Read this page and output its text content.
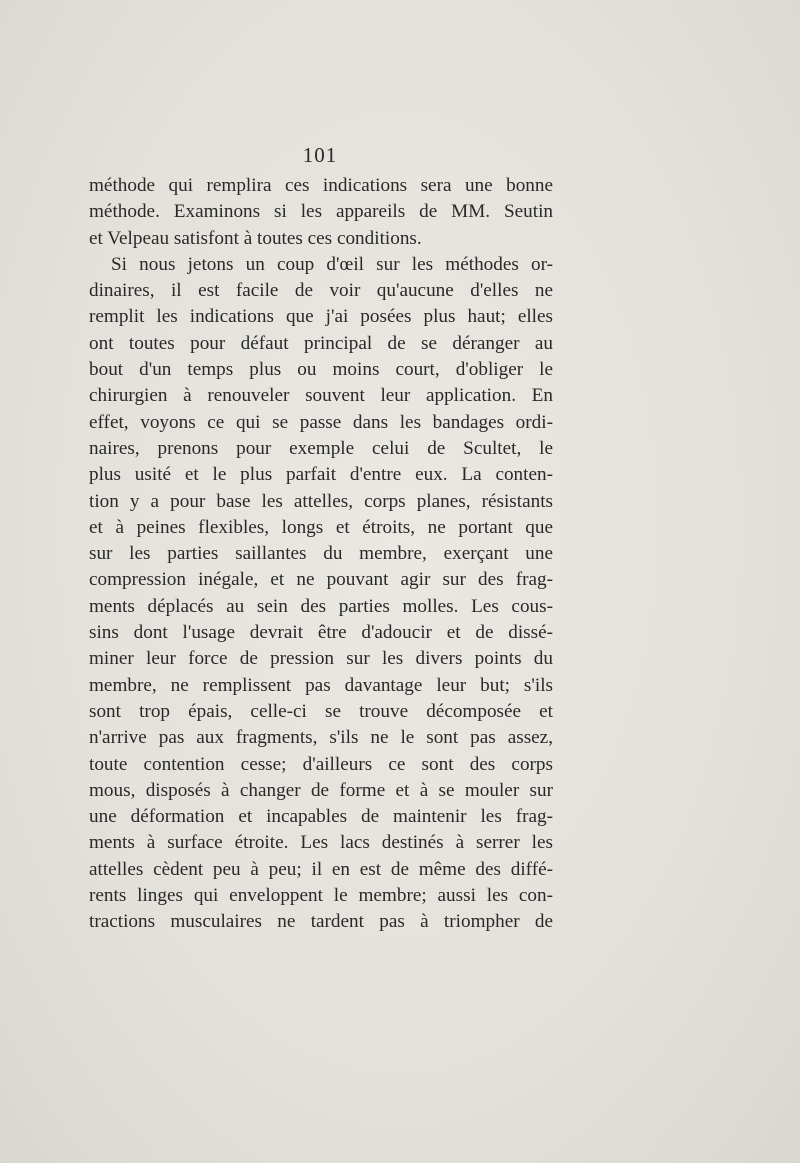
101
méthode qui remplira ces indications sera une bonne
méthode. Examinons si les appareils de MM. Seutin
et Velpeau satisfont à toutes ces conditions.
Si nous jetons un coup d'œil sur les méthodes or-
dinaires, il est facile de voir qu'aucune d'elles ne
remplit les indications que j'ai posées plus haut; elles
ont toutes pour défaut principal de se déranger au
bout d'un temps plus ou moins court, d'obliger le
chirurgien à renouveler souvent leur application. En
effet, voyons ce qui se passe dans les bandages ordi-
naires, prenons pour exemple celui de Scultet, le
plus usité et le plus parfait d'entre eux. La conten-
tion y a pour base les attelles, corps planes, résistants
et à peines flexibles, longs et étroits, ne portant que
sur les parties saillantes du membre, exerçant une
compression inégale, et ne pouvant agir sur des frag-
ments déplacés au sein des parties molles. Les cous-
sins dont l'usage devrait être d'adoucir et de dissé-
miner leur force de pression sur les divers points du
membre, ne remplissent pas davantage leur but; s'ils
sont trop épais, celle-ci se trouve décomposée et
n'arrive pas aux fragments, s'ils ne le sont pas assez,
toute contention cesse; d'ailleurs ce sont des corps
mous, disposés à changer de forme et à se mouler sur
une déformation et incapables de maintenir les frag-
ments à surface étroite. Les lacs destinés à serrer les
attelles cèdent peu à peu; il en est de même des diffé-
rents linges qui enveloppent le membre; aussi les con-
tractions musculaires ne tardent pas à triompher de
